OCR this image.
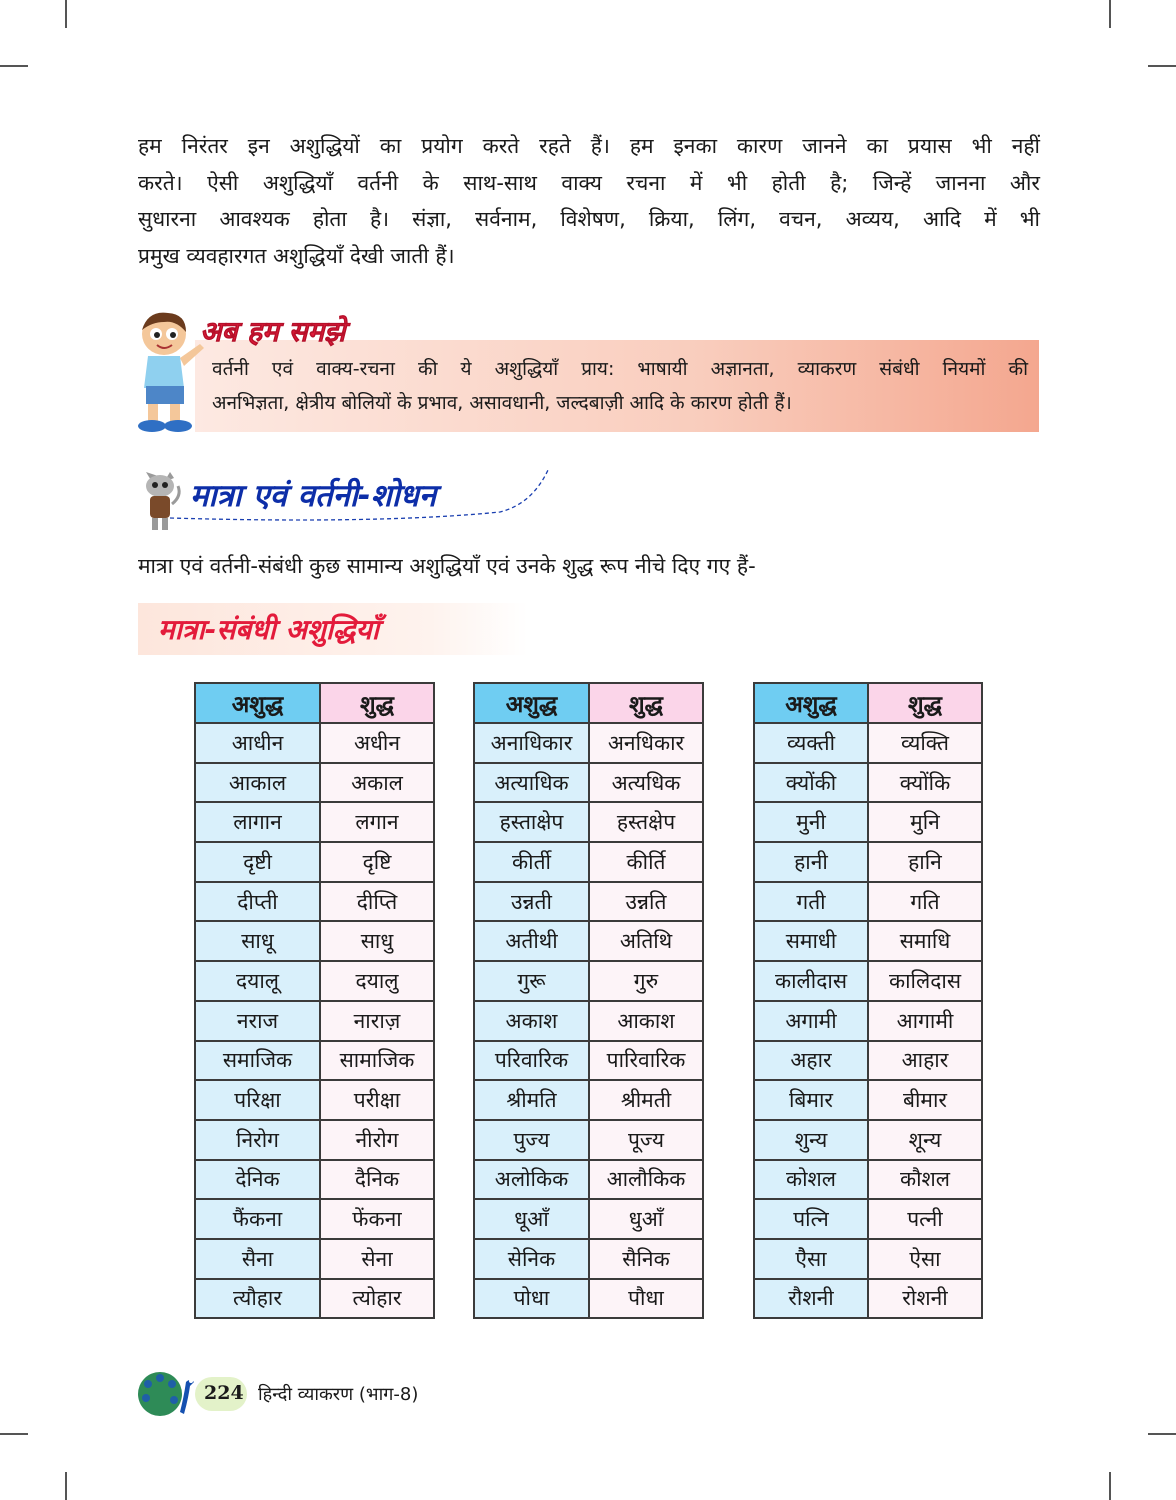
हम निरंतर इन अशुद्धियों का प्रयोग करते रहते हैं। हम इनका कारण जानने का प्रयास भी नहीं
करते। ऐसी अशुद्धियाँ वर्तनी के साथ-साथ वाक्य रचना में भी होती है; जिन्हें जानना और
सुधारना आवश्यक होता है। संज्ञा, सर्वनाम, विशेषण, क्रिया, लिंग, वचन, अव्यय, आदि में भी
प्रमुख व्यवहारगत अशुद्धियाँ देखी जाती हैं।
अब हम समझे
वर्तनी एवं वाक्य-रचना की ये अशुद्धियाँ प्राय: भाषायी अज्ञानता, व्याकरण संबंधी नियमों की
अनभिज्ञता, क्षेत्रीय बोलियों के प्रभाव, असावधानी, जल्दबाज़ी आदि के कारण होती हैं।
मात्रा एवं वर्तनी-शोधन
मात्रा एवं वर्तनी-संबंधी कुछ सामान्य अशुद्धियाँ एवं उनके शुद्ध रूप नीचे दिए गए हैं-
मात्रा-संबंधी अशुद्धियाँ
अशुद्ध	शुद्ध
आधीन	अधीन
आकाल	अकाल
लागान	लगान
दृष्टी	दृष्टि
दीप्ती	दीप्ति
साधू	साधु
दयालू	दयालु
नराज	नाराज़
समाजिक	सामाजिक
परिक्षा	परीक्षा
निरोग	नीरोग
देनिक	दैनिक
फैंकना	फेंकना
सैना	सेना
त्यौहार	त्योहार
अशुद्ध	शुद्ध
अनाधिकार	अनधिकार
अत्याधिक	अत्यधिक
हस्ताक्षेप	हस्तक्षेप
कीर्ती	कीर्ति
उन्नती	उन्नति
अतीथी	अतिथि
गुरू	गुरु
अकाश	आकाश
परिवारिक	पारिवारिक
श्रीमति	श्रीमती
पुज्य	पूज्य
अलोकिक	आलौकिक
धूआँ	धुआँ
सेनिक	सैनिक
पोधा	पौधा
अशुद्ध	शुद्ध
व्यक्ती	व्यक्ति
क्योंकी	क्योंकि
मुनी	मुनि
हानी	हानि
गती	गति
समाधी	समाधि
कालीदास	कालिदास
अगामी	आगामी
अहार	आहार
बिमार	बीमार
शुन्य	शून्य
कोशल	कौशल
पत्नि	पत्नी
ऐैसा	ऐसा
रौशनी	रोशनी
224 हिन्दी व्याकरण (भाग-8)
